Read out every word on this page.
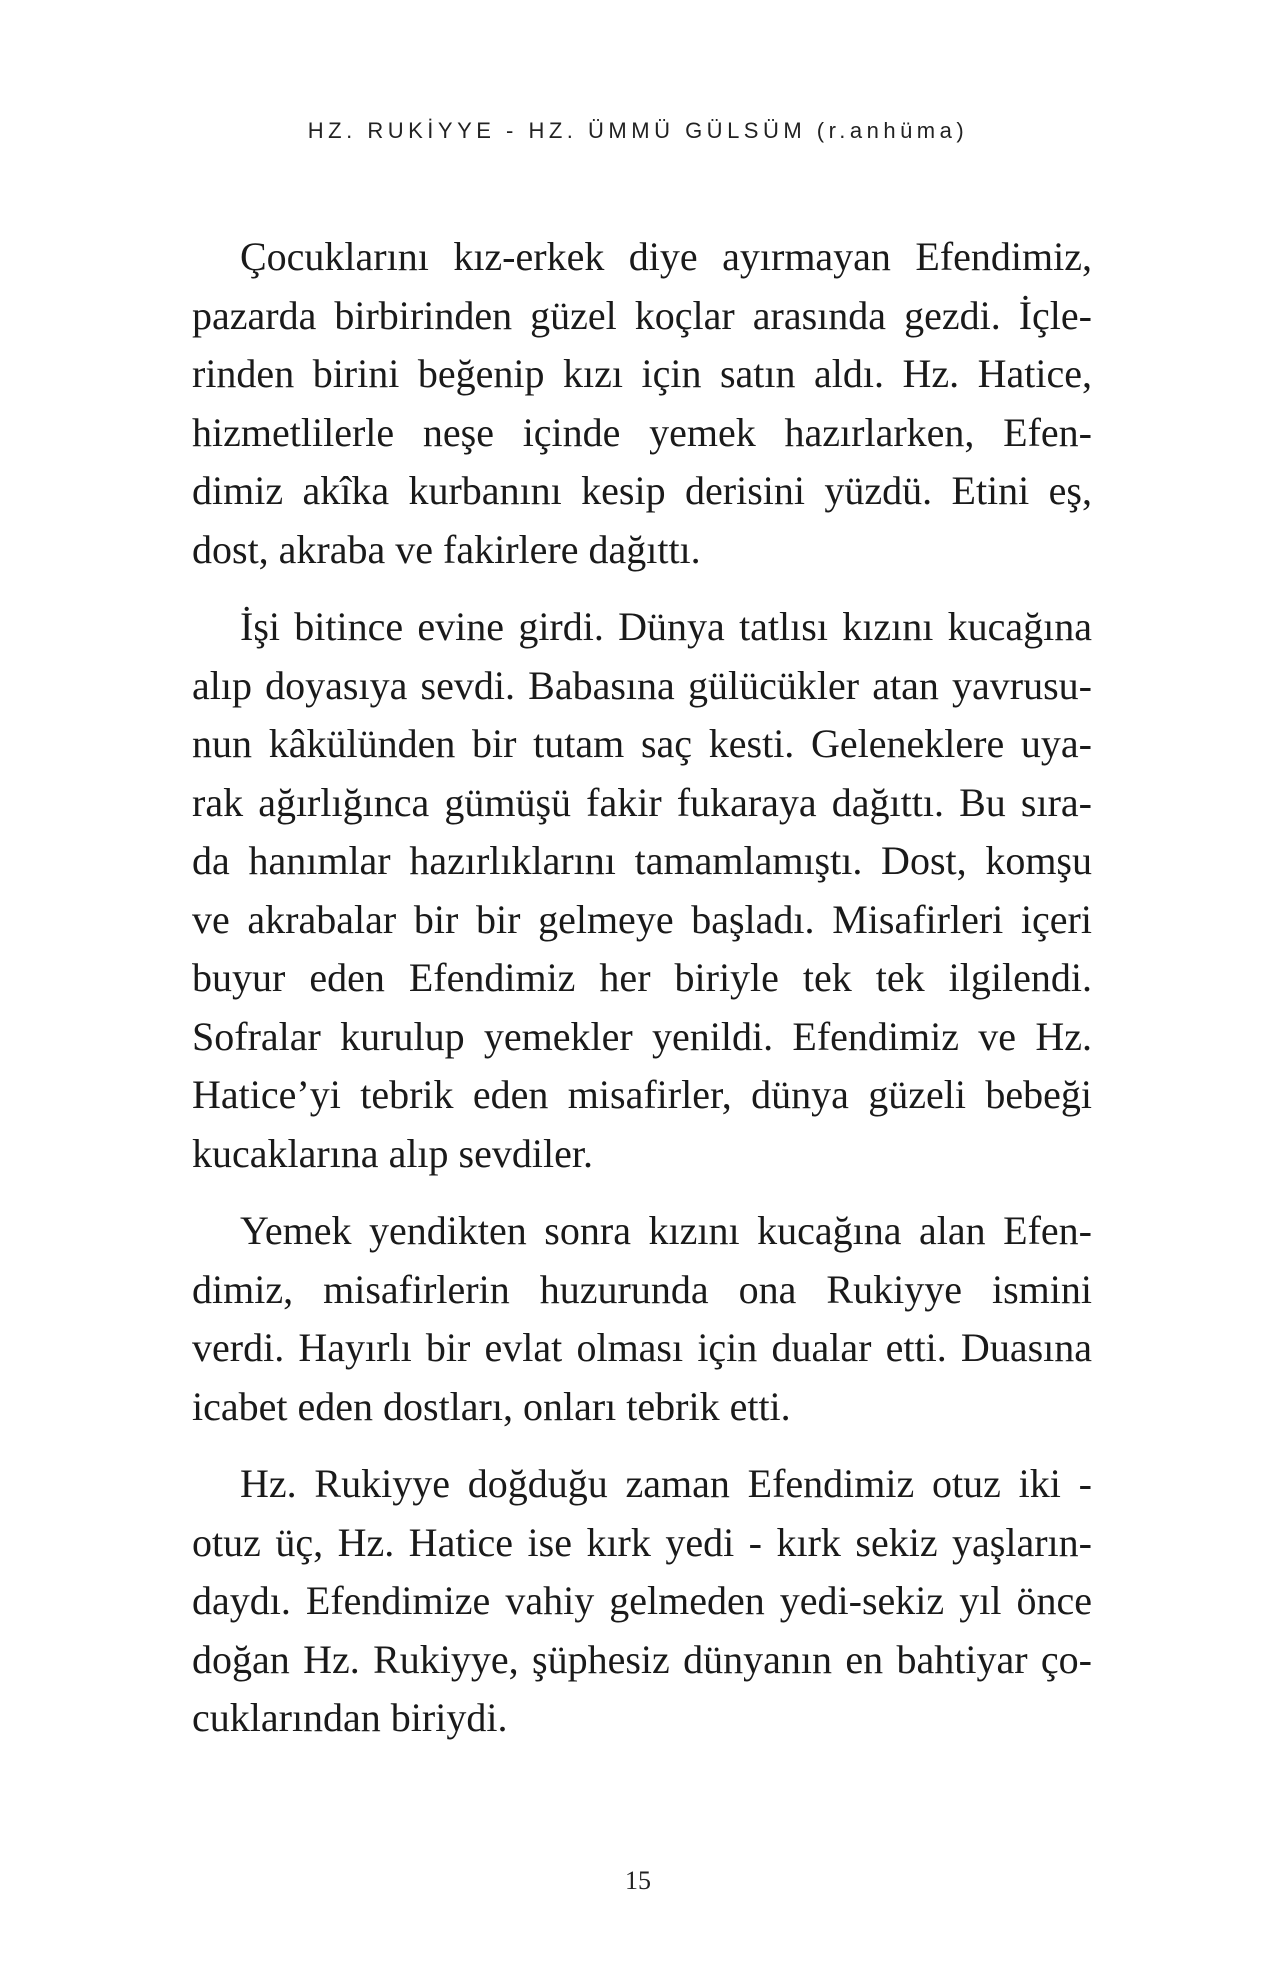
HZ. RUKİYYE - HZ. ÜMMÜ GÜLSÜM (r.anhüma)

Çocuklarını kız-erkek diye ayırmayan Efendimiz,
pazarda birbirinden güzel koçlar arasında gezdi. İçle-
rinden birini beğenip kızı için satın aldı. Hz. Hatice,
hizmetlilerle neşe içinde yemek hazırlarken, Efen-
dimiz akîka kurbanını kesip derisini yüzdü. Etini eş,
dost, akraba ve fakirlere dağıttı.

İşi bitince evine girdi. Dünya tatlısı kızını kucağına
alıp doyasıya sevdi. Babasına gülücükler atan yavrusu-
nun kâkülünden bir tutam saç kesti. Geleneklere uya-
rak ağırlığınca gümüşü fakir fukaraya dağıttı. Bu sıra-
da hanımlar hazırlıklarını tamamlamıştı. Dost, komşu
ve akrabalar bir bir gelmeye başladı. Misafirleri içeri
buyur eden Efendimiz her biriyle tek tek ilgilendi.
Sofralar kurulup yemekler yenildi. Efendimiz ve Hz.
Hatice’yi tebrik eden misafirler, dünya güzeli bebeği
kucaklarına alıp sevdiler.

Yemek yendikten sonra kızını kucağına alan Efen-
dimiz, misafirlerin huzurunda ona Rukiyye ismini
verdi. Hayırlı bir evlat olması için dualar etti. Duasına
icabet eden dostları, onları tebrik etti.

Hz. Rukiyye doğduğu zaman Efendimiz otuz iki -
otuz üç, Hz. Hatice ise kırk yedi - kırk sekiz yaşların-
daydı. Efendimize vahiy gelmeden yedi-sekiz yıl önce
doğan Hz. Rukiyye, şüphesiz dünyanın en bahtiyar ço-
cuklarından biriydi.

15
